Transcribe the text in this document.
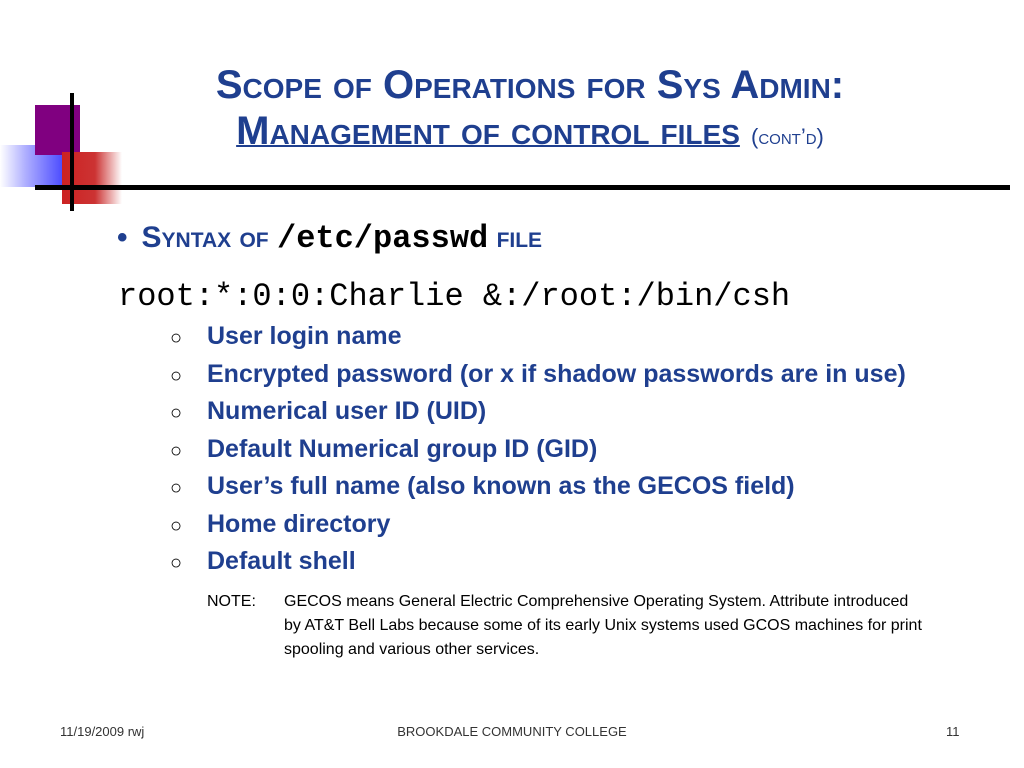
Scope of Operations for Sys Admin:
Management of control files (cont’d)
• Syntax of /etc/passwd file
root:*:0:0:Charlie &:/root:/bin/csh
○ User login name
○ Encrypted password (or x if shadow passwords are in use)
○ Numerical user ID (UID)
○ Default Numerical group ID (GID)
○ User’s full name (also known as the GECOS field)
○ Home directory
○ Default shell
NOTE:	GECOS means General Electric Comprehensive Operating System. Attribute introduced by AT&T Bell Labs because some of its early Unix systems used GCOS machines for print spooling and various other services.
11/19/2009 rwj	BROOKDALE COMMUNITY COLLEGE	11
